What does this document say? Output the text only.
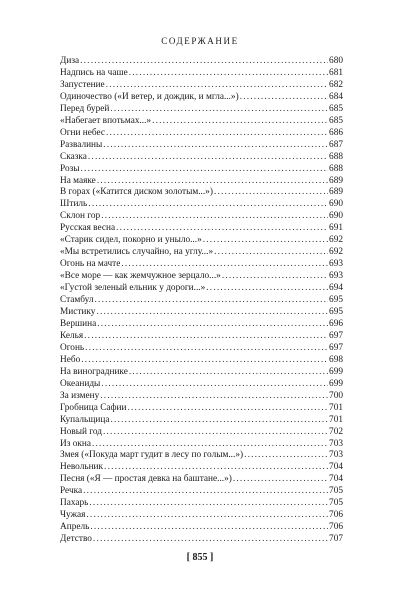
СОДЕРЖАНИЕ
Диза .....	680
Надпись на чаше .....	681
Запустение .....	682
Одиночество («И ветер, и дождик, и мгла...») .....	684
Перед бурей .....	685
«Набегает впотьмах...» .....	685
Огни небес .....	686
Развалины .....	687
Сказка .....	688
Розы .....	688
На маяке .....	689
В горах («Катится диском золотым...») .....	689
Штиль .....	690
Склон гор .....	690
Русская весна .....	691
«Старик сидел, покорно и уныло...» .....	692
«Мы встретились случайно, на углу...» .....	692
Огонь на мачте .....	693
«Все море — как жемчужное зерцало...» .....	693
«Густой зеленый ельник у дороги...» .....	694
Стамбул .....	695
Мистику .....	695
Вершина .....	696
Келья .....	697
Огонь .....	697
Небо .....	698
На винограднике .....	699
Океаниды .....	699
За измену .....	700
Гробница Сафии .....	701
Купальщица .....	701
Новый год .....	702
Из окна .....	703
Змея («Покуда март гудит в лесу по голым...») .....	703
Невольник .....	704
Песня («Я — простая девка на баштане...») .....	704
Речка .....	705
Пахарь .....	705
Чужая .....	706
Апрель .....	706
Детство .....	707
[ 855 ]
